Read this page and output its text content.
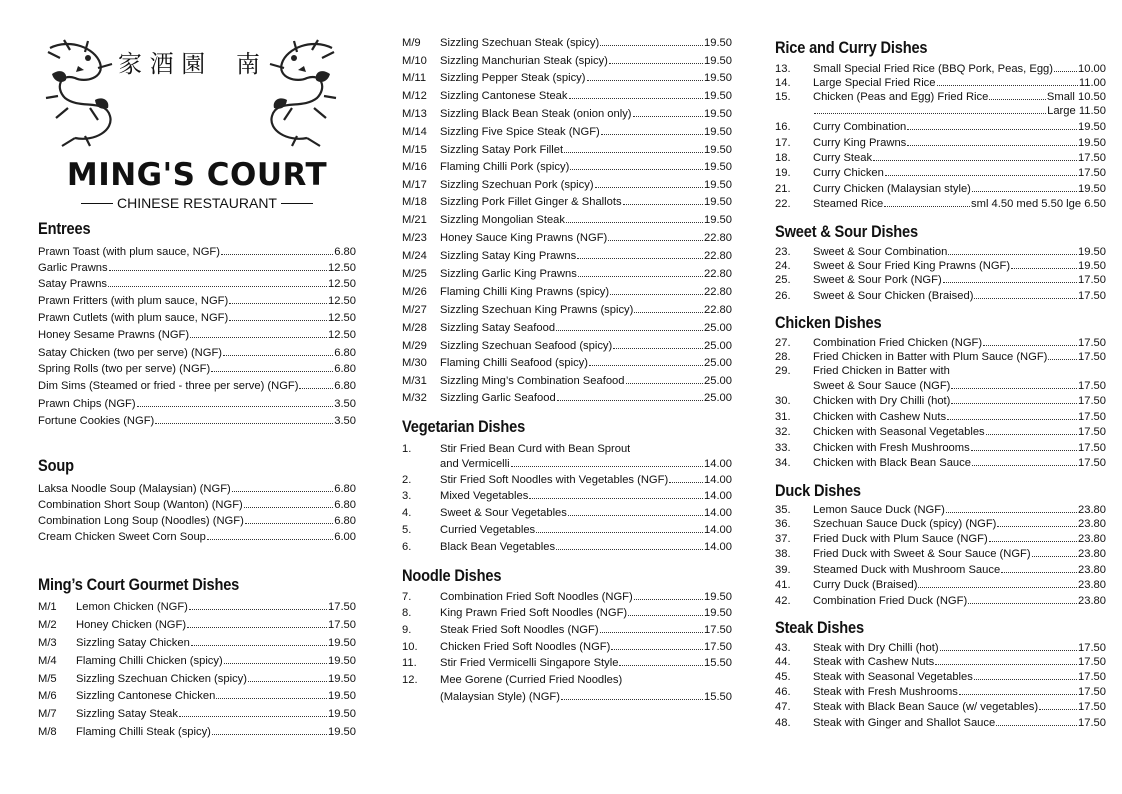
家 酒 園 南
MING'S COURT
CHINESE RESTAURANT
Entrees
Prawn Toast (with plum sauce, NGF)	6.80
Garlic Prawns	12.50
Satay Prawns	12.50
Prawn Fritters (with plum sauce, NGF)	12.50
Prawn Cutlets (with plum sauce, NGF)	12.50
Honey Sesame Prawns (NGF)	12.50
Satay Chicken (two per serve) (NGF)	6.80
Spring Rolls (two per serve) (NGF)	6.80
Dim Sims (Steamed or fried - three per serve) (NGF)	6.80
Prawn Chips (NGF)	3.50
Fortune Cookies (NGF)	3.50
Soup
Laksa Noodle Soup (Malaysian) (NGF)	6.80
Combination Short Soup (Wanton) (NGF)	6.80
Combination Long Soup (Noodles) (NGF)	6.80
Cream Chicken Sweet Corn Soup	6.00
Ming’s Court Gourmet Dishes
M/1	Lemon Chicken (NGF)	17.50
M/2	Honey Chicken (NGF)	17.50
M/3	Sizzling Satay Chicken	19.50
M/4	Flaming Chilli Chicken (spicy)	19.50
M/5	Sizzling Szechuan Chicken (spicy)	19.50
M/6	Sizzling Cantonese Chicken	19.50
M/7	Sizzling Satay Steak	19.50
M/8	Flaming Chilli Steak (spicy)	19.50
M/9	Sizzling Szechuan Steak (spicy)	19.50
M/10	Sizzling Manchurian Steak (spicy)	19.50
M/11	Sizzling Pepper Steak (spicy)	19.50
M/12	Sizzling Cantonese Steak	19.50
M/13	Sizzling Black Bean Steak (onion only)	19.50
M/14	Sizzling Five Spice Steak (NGF)	19.50
M/15	Sizzling Satay Pork Fillet	19.50
M/16	Flaming Chilli Pork (spicy)	19.50
M/17	Sizzling Szechuan Pork (spicy)	19.50
M/18	Sizzling Pork Fillet Ginger & Shallots	19.50
M/21	Sizzling Mongolian Steak	19.50
M/23	Honey Sauce King Prawns (NGF)	22.80
M/24	Sizzling Satay King Prawns	22.80
M/25	Sizzling Garlic King Prawns	22.80
M/26	Flaming Chilli King Prawns (spicy)	22.80
M/27	Sizzling Szechuan King Prawns (spicy)	22.80
M/28	Sizzling Satay Seafood	25.00
M/29	Sizzling Szechuan Seafood (spicy)	25.00
M/30	Flaming Chilli Seafood (spicy)	25.00
M/31	Sizzling Ming’s Combination Seafood	25.00
M/32	Sizzling Garlic Seafood	25.00
Vegetarian Dishes
1.	Stir Fried Bean Curd with Bean Sprout
and Vermicelli	14.00
2.	Stir Fried Soft Noodles with Vegetables (NGF)	14.00
3.	Mixed Vegetables	14.00
4.	Sweet & Sour Vegetables	14.00
5.	Curried Vegetables	14.00
6.	Black Bean Vegetables	14.00
Noodle Dishes
7.	Combination Fried Soft Noodles (NGF)	19.50
8.	King Prawn Fried Soft Noodles (NGF)	19.50
9.	Steak Fried Soft Noodles (NGF)	17.50
10.	Chicken Fried Soft Noodles (NGF)	17.50
11.	Stir Fried Vermicelli Singapore Style	15.50
12.	Mee Gorene (Curried Fried Noodles)
(Malaysian Style) (NGF)	15.50
Rice and Curry Dishes
13.	Small Special Fried Rice (BBQ Pork, Peas, Egg) 10.00
14.	Large Special Fried Rice	11.00
15.	Chicken (Peas and Egg) Fried Rice	Small 10.50
Large 11.50
16.	Curry Combination	19.50
17.	Curry King Prawns	19.50
18.	Curry Steak	17.50
19.	Curry Chicken	17.50
21.	Curry Chicken (Malaysian style)	19.50
22.	Steamed Rice	sml 4.50 med 5.50 lge 6.50
Sweet & Sour Dishes
23.	Sweet & Sour Combination	19.50
24.	Sweet & Sour Fried King Prawns (NGF)	19.50
25.	Sweet & Sour Pork (NGF)	17.50
26.	Sweet & Sour Chicken (Braised)	17.50
Chicken Dishes
27.	Combination Fried Chicken (NGF)	17.50
28.	Fried Chicken in Batter with Plum Sauce (NGF)	17.50
29.	Fried Chicken in Batter with
Sweet & Sour Sauce (NGF)	17.50
30.	Chicken with Dry Chilli (hot)	17.50
31.	Chicken with Cashew Nuts	17.50
32.	Chicken with Seasonal Vegetables	17.50
33.	Chicken with Fresh Mushrooms	17.50
34.	Chicken with Black Bean Sauce	17.50
Duck Dishes
35.	Lemon Sauce Duck (NGF)	23.80
36.	Szechuan Sauce Duck (spicy) (NGF)	23.80
37.	Fried Duck with Plum Sauce (NGF)	23.80
38.	Fried Duck with Sweet & Sour Sauce (NGF)	23.80
39.	Steamed Duck with Mushroom Sauce	23.80
41.	Curry Duck (Braised)	23.80
42.	Combination Fried Duck (NGF)	23.80
Steak Dishes
43.	Steak with Dry Chilli (hot)	17.50
44.	Steak with Cashew Nuts	17.50
45.	Steak with Seasonal Vegetables	17.50
46.	Steak with Fresh Mushrooms	17.50
47.	Steak with Black Bean Sauce (w/ vegetables)	17.50
48.	Steak with Ginger and Shallot Sauce	17.50
